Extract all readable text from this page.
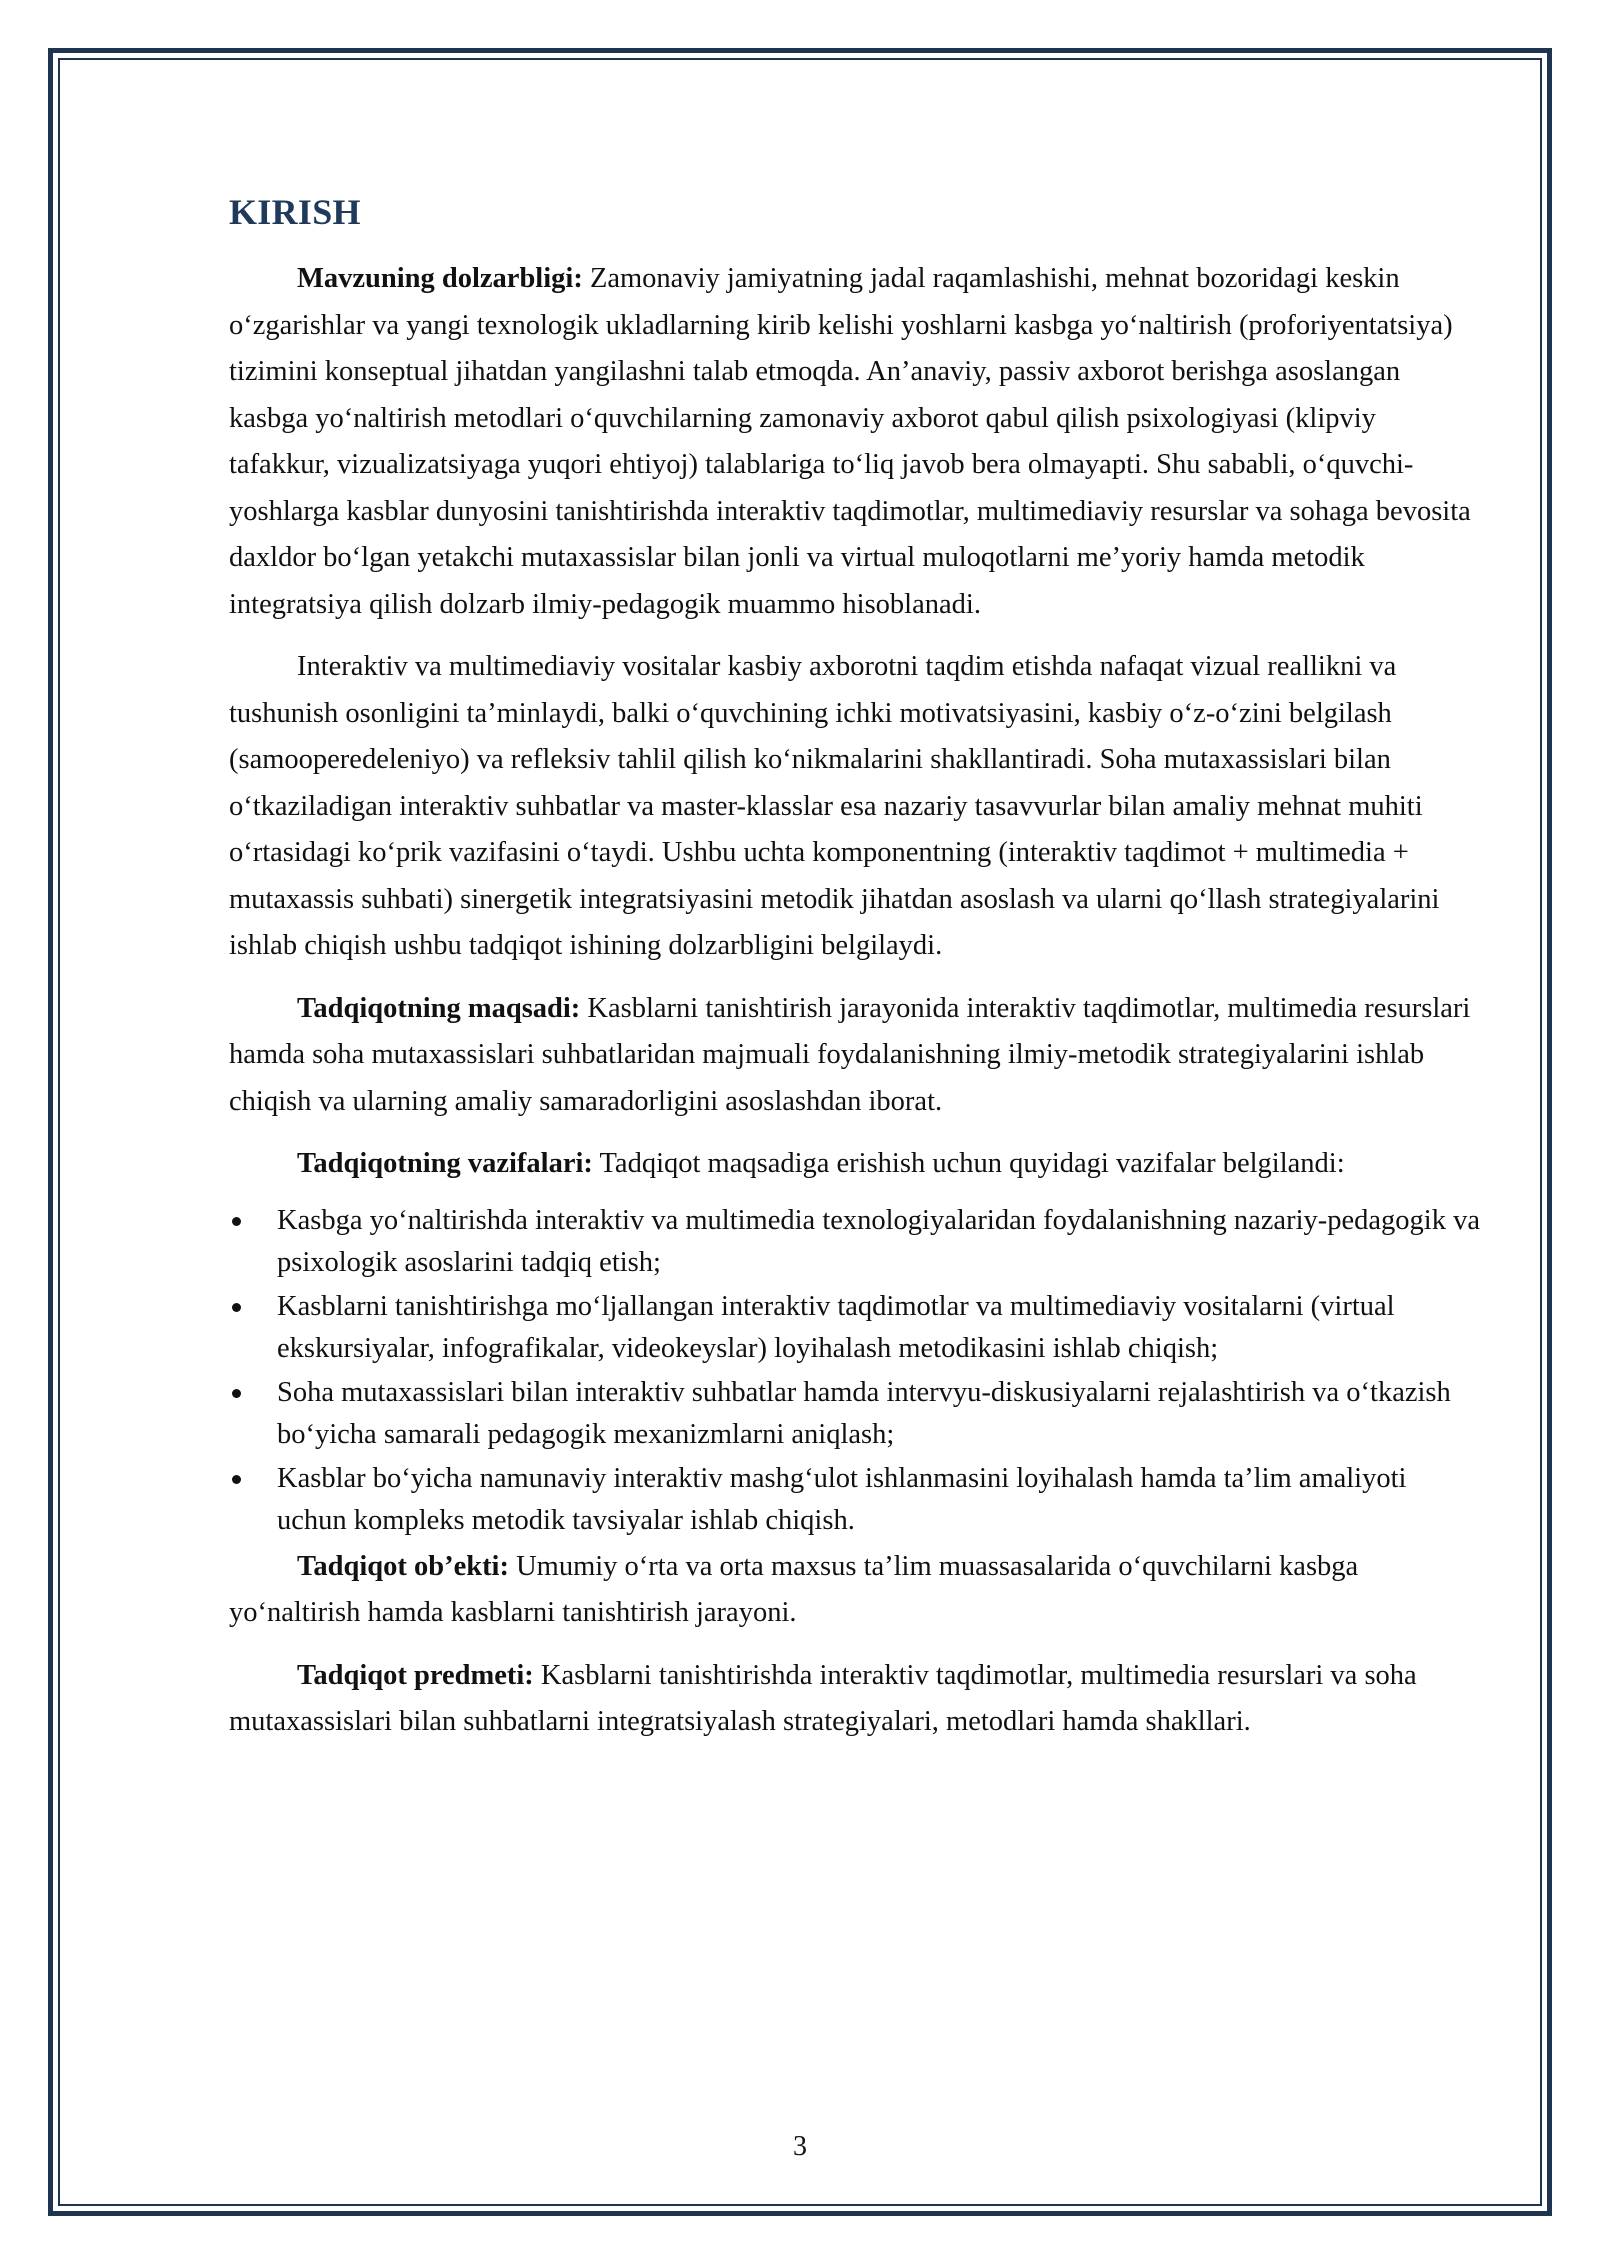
KIRISH

Mavzuning dolzarbligi: Zamonaviy jamiyatning jadal raqamlashishi, mehnat bozoridagi keskin oʻzgarishlar va yangi texnologik ukladlarning kirib kelishi yoshlarni kasbga yoʻnaltirish (proforiyentatsiya) tizimini konseptual jihatdan yangilashni talab etmoqda. An’anaviy, passiv axborot berishga asoslangan kasbga yoʻnaltirish metodlari oʻquvchilarning zamonaviy axborot qabul qilish psixologiyasi (klipviy tafakkur, vizualizatsiyaga yuqori ehtiyoj) talablariga toʻliq javob bera olmayapti. Shu sababli, oʻquvchi-yoshlarga kasblar dunyosini tanishtirishda interaktiv taqdimotlar, multimediaviy resurslar va sohaga bevosita daxldor boʻlgan yetakchi mutaxassislar bilan jonli va virtual muloqotlarni me’yoriy hamda metodik integratsiya qilish dolzarb ilmiy-pedagogik muammo hisoblanadi.

Interaktiv va multimediaviy vositalar kasbiy axborotni taqdim etishda nafaqat vizual reallikni va tushunish osonligini ta’minlaydi, balki oʻquvchining ichki motivatsiyasini, kasbiy oʻz-oʻzini belgilash (samooperedeleniyo) va refleksiv tahlil qilish koʻnikmalarini shakllantiradi. Soha mutaxassislari bilan oʻtkaziladigan interaktiv suhbatlar va master-klasslar esa nazariy tasavvurlar bilan amaliy mehnat muhiti oʻrtasidagi koʻprik vazifasini oʻtaydi. Ushbu uchta komponentning (interaktiv taqdimot + multimedia + mutaxassis suhbati) sinergetik integratsiyasini metodik jihatdan asoslash va ularni qoʻllash strategiyalarini ishlab chiqish ushbu tadqiqot ishining dolzarbligini belgilaydi.

Tadqiqotning maqsadi: Kasblarni tanishtirish jarayonida interaktiv taqdimotlar, multimedia resurslari hamda soha mutaxassislari suhbatlaridan majmuali foydalanishning ilmiy-metodik strategiyalarini ishlab chiqish va ularning amaliy samaradorligini asoslashdan iborat.

Tadqiqotning vazifalari: Tadqiqot maqsadiga erishish uchun quyidagi vazifalar belgilandi:

Kasbga yoʻnaltirishda interaktiv va multimedia texnologiyalaridan foydalanishning nazariy-pedagogik va psixologik asoslarini tadqiq etish;
Kasblarni tanishtirishga moʻljallangan interaktiv taqdimotlar va multimediaviy vositalarni (virtual ekskursiyalar, infografikalar, videokeyslar) loyihalash metodikasini ishlab chiqish;
Soha mutaxassislari bilan interaktiv suhbatlar hamda intervyu-diskusiyalarni rejalashtirish va oʻtkazish boʻyicha samarali pedagogik mexanizmlarni aniqlash;
Kasblar boʻyicha namunaviy interaktiv mashgʻulot ishlanmasini loyihalash hamda ta’lim amaliyoti uchun kompleks metodik tavsiyalar ishlab chiqish.

Tadqiqot ob’ekti: Umumiy oʻrta va orta maxsus ta’lim muassasalarida oʻquvchilarni kasbga yoʻnaltirish hamda kasblarni tanishtirish jarayoni.

Tadqiqot predmeti: Kasblarni tanishtirishda interaktiv taqdimotlar, multimedia resurslari va soha mutaxassislari bilan suhbatlarni integratsiyalash strategiyalari, metodlari hamda shakllari.

3
